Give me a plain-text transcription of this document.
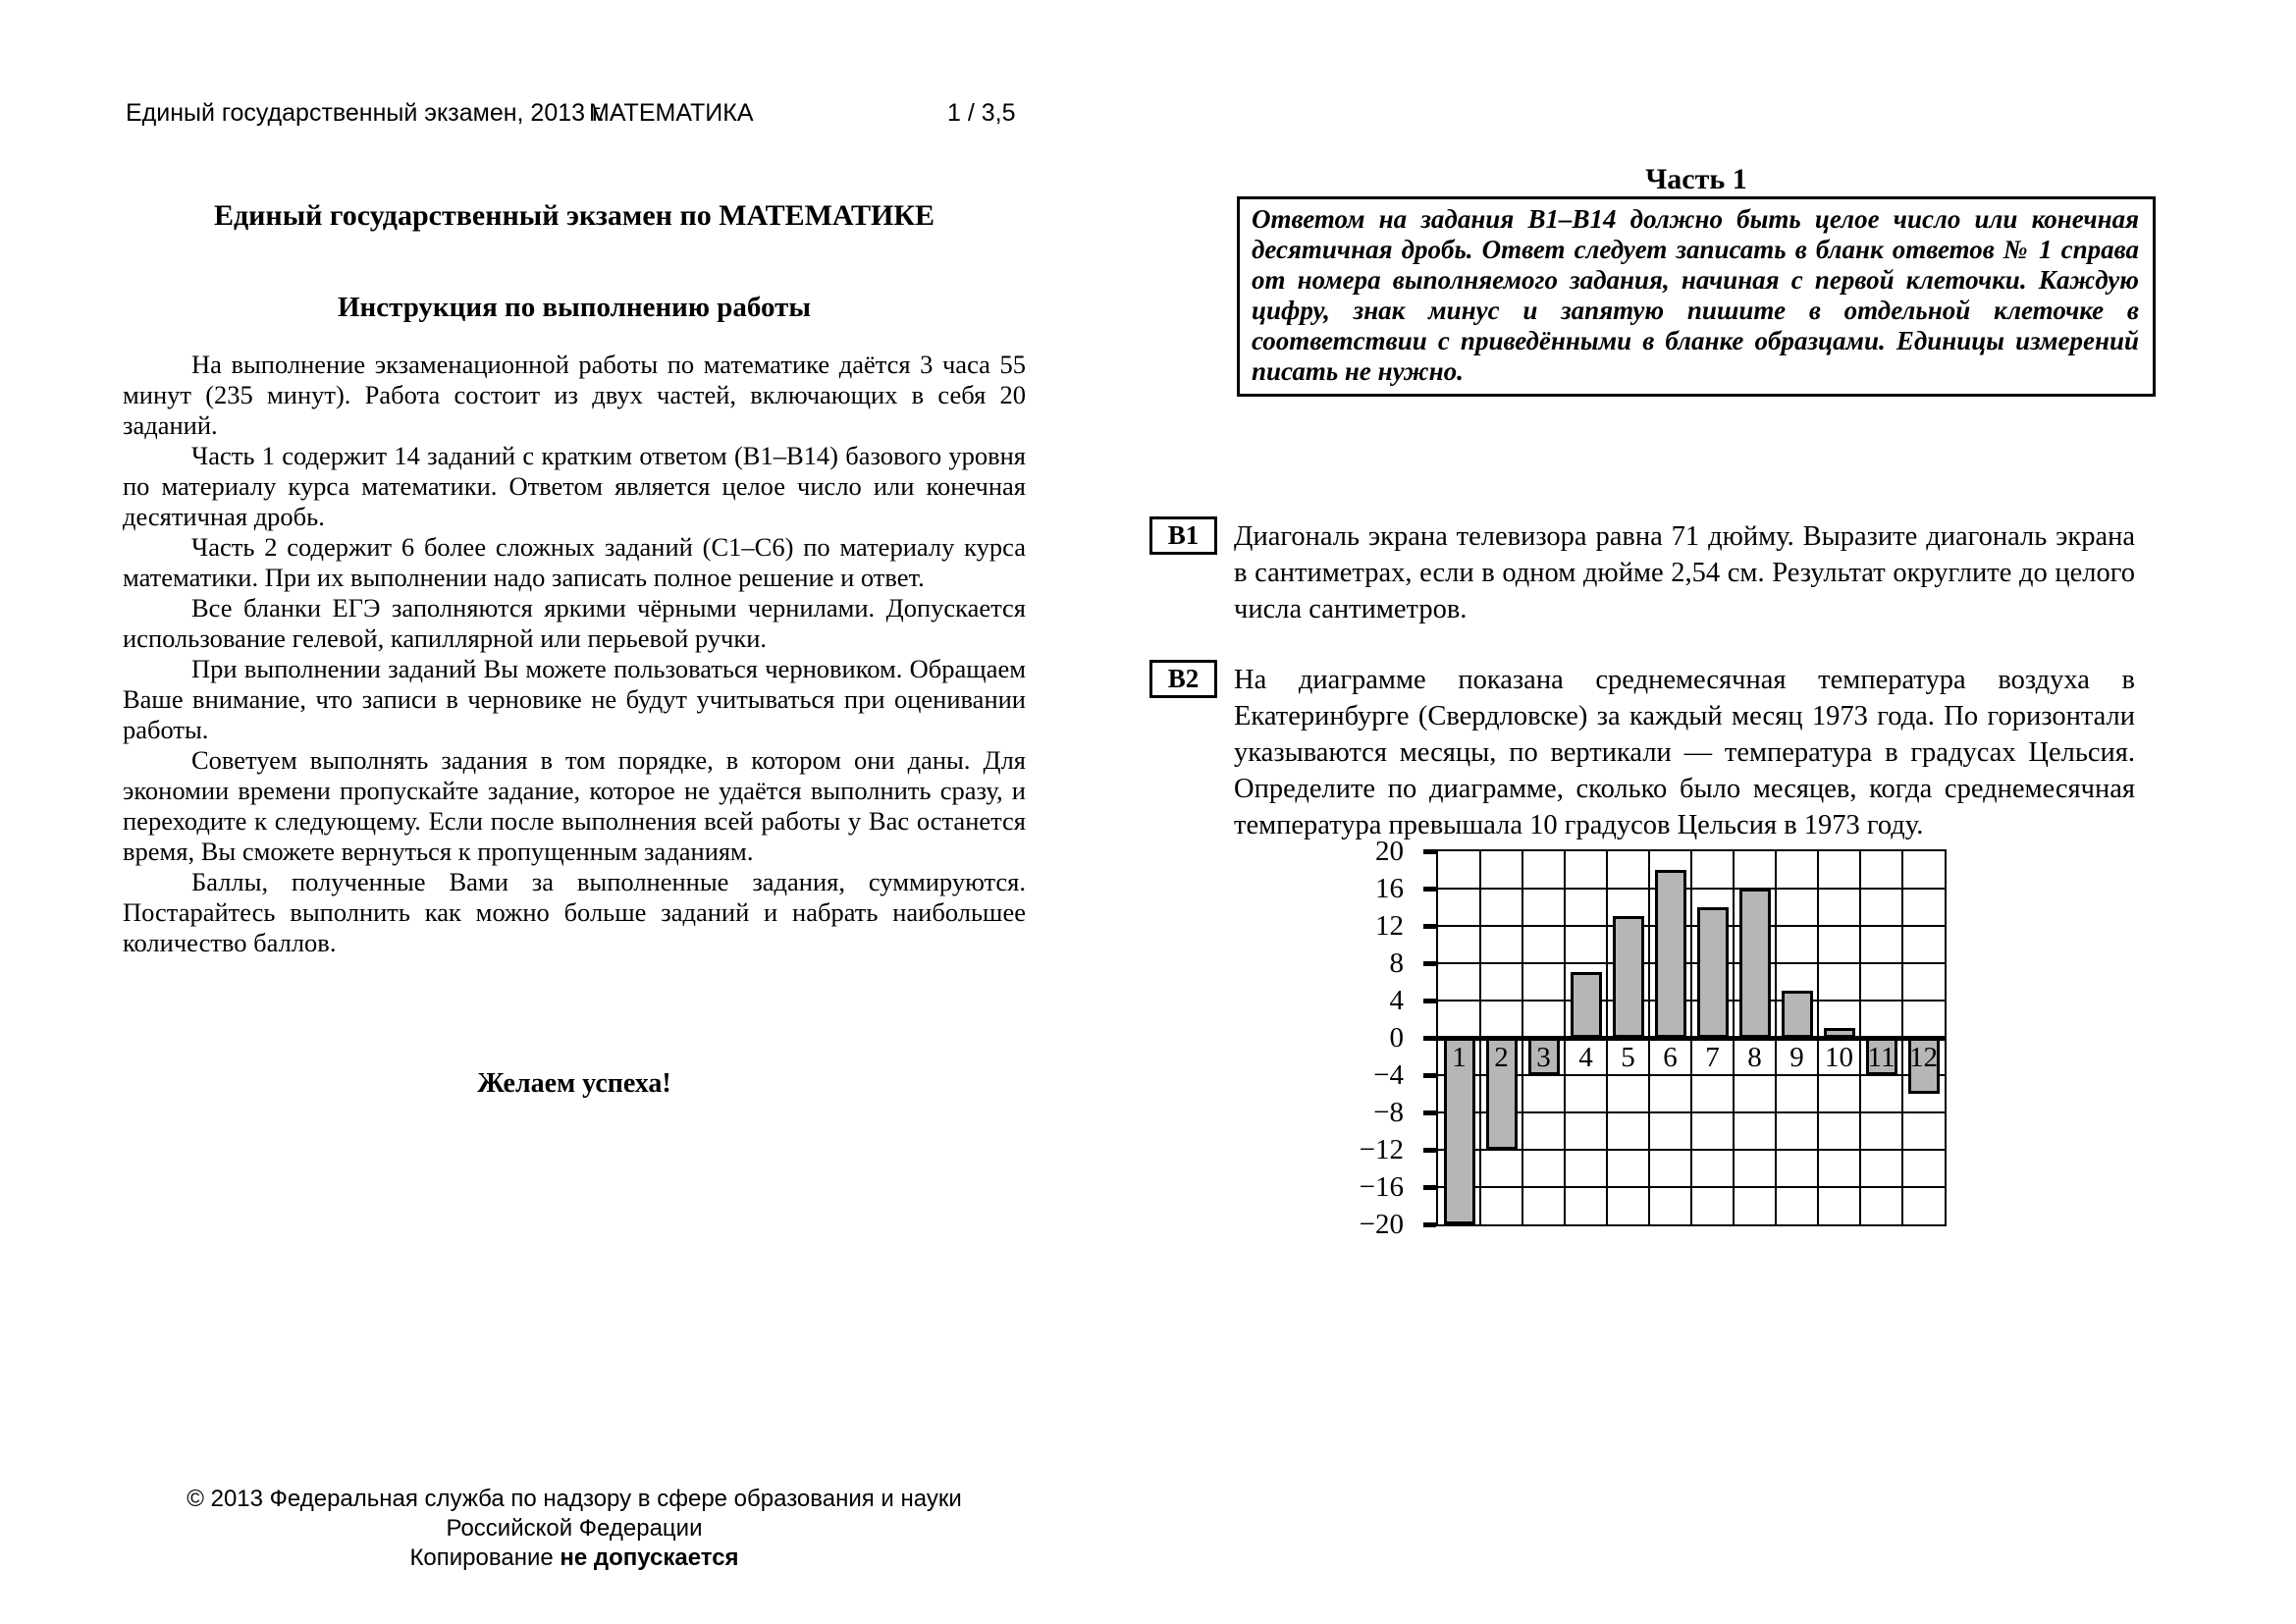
Единый государственный экзамен, 2013 г.
МАТЕМАТИКА	1 / 3,5
Единый государственный экзамен по МАТЕМАТИКЕ
Инструкция по выполнению работы

На выполнение экзаменационной работы по математике даётся 3 часа 55 минут (235 минут). Работа состоит из двух частей, включающих в себя 20 заданий.

Часть 1 содержит 14 заданий с кратким ответом (В1–В14) базового уровня по материалу курса математики. Ответом является целое число или конечная десятичная дробь.

Часть 2 содержит 6 более сложных заданий (С1–С6) по материалу курса математики. При их выполнении надо записать полное решение и ответ.

Все бланки ЕГЭ заполняются яркими чёрными чернилами. Допускается использование гелевой, капиллярной или перьевой ручки.

При выполнении заданий Вы можете пользоваться черновиком. Обращаем Ваше внимание, что записи в черновике не будут учитываться при оценивании работы.

Советуем выполнять задания в том порядке, в котором они даны. Для экономии времени пропускайте задание, которое не удаётся выполнить сразу, и переходите к следующему. Если после выполнения всей работы у Вас останется время, Вы сможете вернуться к пропущенным заданиям.

Баллы, полученные Вами за выполненные задания, суммируются. Постарайтесь выполнить как можно больше заданий и набрать наибольшее количество баллов.

Желаем успеха!
Часть 1
Ответом на задания В1–В14 должно быть целое число или конечная десятичная дробь. Ответ следует записать в бланк ответов № 1 справа от номера выполняемого задания, начиная с первой клеточки. Каждую цифру, знак минус и запятую пишите в отдельной клеточке в соответствии с приведёнными в бланке образцами. Единицы измерений писать не нужно.
В1	Диагональ экрана телевизора равна 71 дюйму. Выразите диагональ экрана в сантиметрах, если в одном дюйме 2,54 см. Результат округлите до целого числа сантиметров.
В2	На диаграмме показана среднемесячная температура воздуха в Екатеринбурге (Свердловске) за каждый месяц 1973 года. По горизонтали указываются месяцы, по вертикали — температура в градусах Цельсия. Определите по диаграмме, сколько было месяцев, когда среднемесячная температура превышала 10 градусов Цельсия в 1973 году.
20
16
12
8
4
0
−4
−8
−12
−16
−20
1 2 3 4 5 6 7 8 9 10 11 12
© 2013 Федеральная служба по надзору в сфере образования и науки Российской Федерации
Копирование не допускается
